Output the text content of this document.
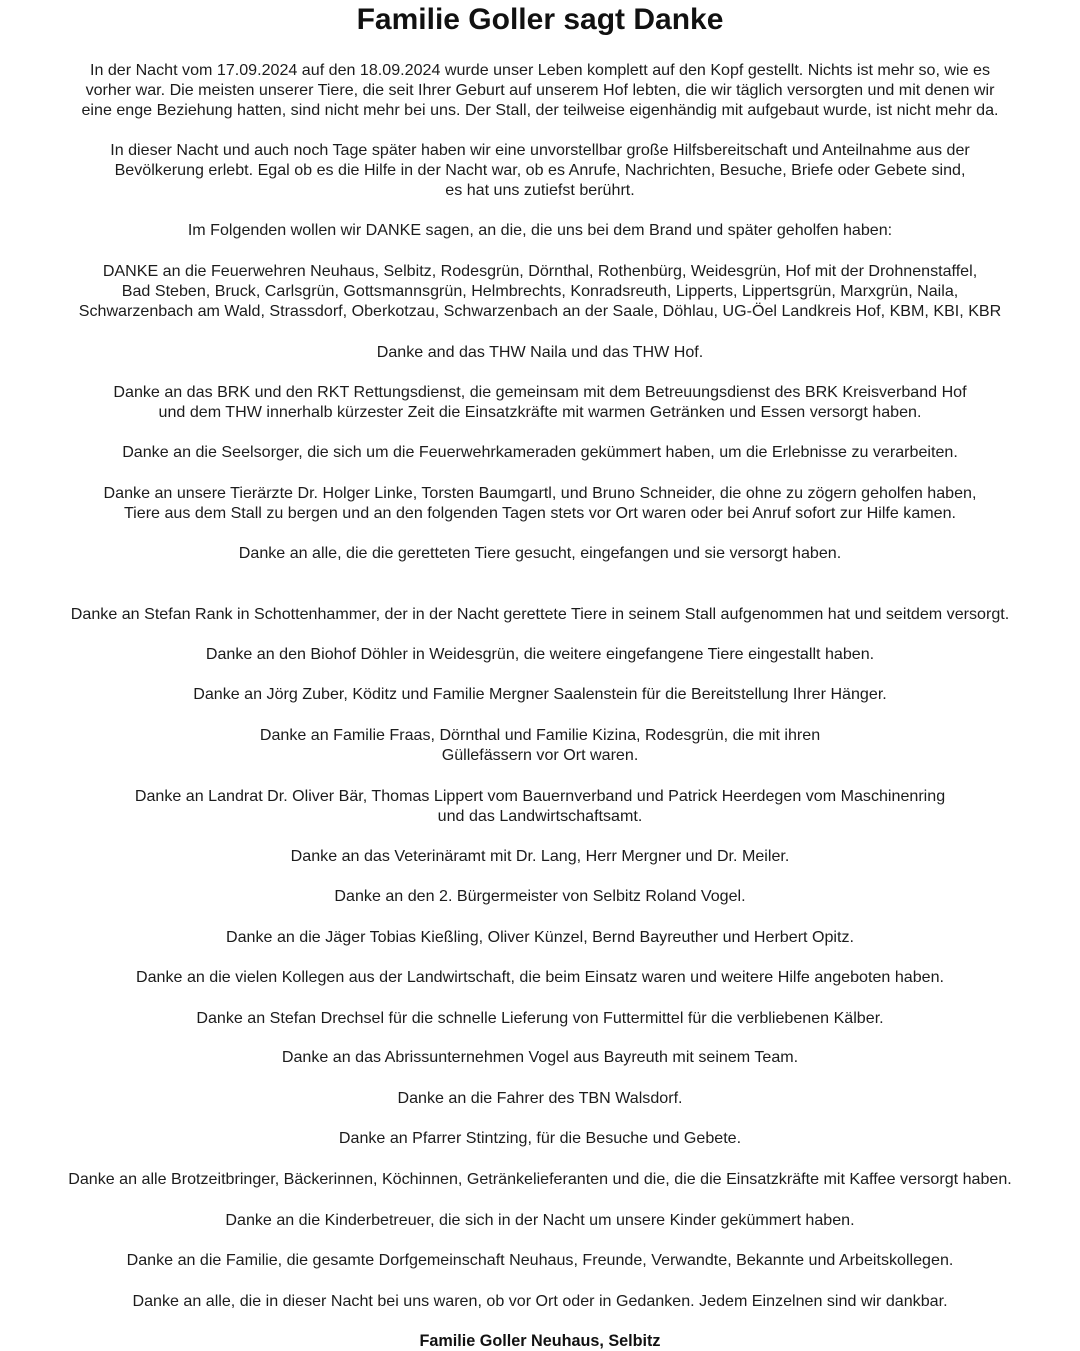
Familie Goller sagt Danke

In der Nacht vom 17.09.2024 auf den 18.09.2024 wurde unser Leben komplett auf den Kopf gestellt. Nichts ist mehr so, wie es
vorher war. Die meisten unserer Tiere, die seit Ihrer Geburt auf unserem Hof lebten, die wir täglich versorgten und mit denen wir
eine enge Beziehung hatten, sind nicht mehr bei uns. Der Stall, der teilweise eigenhändig mit aufgebaut wurde, ist nicht mehr da.

In dieser Nacht und auch noch Tage später haben wir eine unvorstellbar große Hilfsbereitschaft und Anteilnahme aus der
Bevölkerung erlebt. Egal ob es die Hilfe in der Nacht war, ob es Anrufe, Nachrichten, Besuche, Briefe oder Gebete sind,
es hat uns zutiefst berührt.

Im Folgenden wollen wir DANKE sagen, an die, die uns bei dem Brand und später geholfen haben:

DANKE an die Feuerwehren Neuhaus, Selbitz, Rodesgrün, Dörnthal, Rothenbürg, Weidesgrün, Hof mit der Drohnenstaffel,
Bad Steben, Bruck, Carlsgrün, Gottsmannsgrün, Helmbrechts, Konradsreuth, Lipperts, Lippertsgrün, Marxgrün, Naila,
Schwarzenbach am Wald, Strassdorf, Oberkotzau, Schwarzenbach an der Saale, Döhlau, UG-Öel Landkreis Hof, KBM, KBI, KBR

Danke and das THW Naila und das THW Hof.

Danke an das BRK und den RKT Rettungsdienst, die gemeinsam mit dem Betreuungsdienst des BRK Kreisverband Hof
und dem THW innerhalb kürzester Zeit die Einsatzkräfte mit warmen Getränken und Essen versorgt haben.

Danke an die Seelsorger, die sich um die Feuerwehrkameraden gekümmert haben, um die Erlebnisse zu verarbeiten.

Danke an unsere Tierärzte Dr. Holger Linke, Torsten Baumgartl, und Bruno Schneider, die ohne zu zögern geholfen haben,
Tiere aus dem Stall zu bergen und an den folgenden Tagen stets vor Ort waren oder bei Anruf sofort zur Hilfe kamen.

Danke an alle, die die geretteten Tiere gesucht, eingefangen und sie versorgt haben.

Danke an Stefan Rank in Schottenhammer, der in der Nacht gerettete Tiere in seinem Stall aufgenommen hat und seitdem versorgt.

Danke an den Biohof Döhler in Weidesgrün, die weitere eingefangene Tiere eingestallt haben.

Danke an Jörg Zuber, Köditz und Familie Mergner Saalenstein für die Bereitstellung Ihrer Hänger.

Danke an Familie Fraas, Dörnthal und Familie Kizina, Rodesgrün, die mit ihren
Güllefässern vor Ort waren.

Danke an Landrat Dr. Oliver Bär, Thomas Lippert vom Bauernverband und Patrick Heerdegen vom Maschinenring
und das Landwirtschaftsamt.

Danke an das Veterinäramt mit Dr. Lang, Herr Mergner und Dr. Meiler.

Danke an den 2. Bürgermeister von Selbitz Roland Vogel.

Danke an die Jäger Tobias Kießling, Oliver Künzel, Bernd Bayreuther und Herbert Opitz.

Danke an die vielen Kollegen aus der Landwirtschaft, die beim Einsatz waren und weitere Hilfe angeboten haben.

Danke an Stefan Drechsel für die schnelle Lieferung von Futtermittel für die verbliebenen Kälber.

Danke an das Abrissunternehmen Vogel aus Bayreuth mit seinem Team.

Danke an die Fahrer des TBN Walsdorf.

Danke an Pfarrer Stintzing, für die Besuche und Gebete.

Danke an alle Brotzeitbringer, Bäckerinnen, Köchinnen, Getränkelieferanten und die, die die Einsatzkräfte mit Kaffee versorgt haben.

Danke an die Kinderbetreuer, die sich in der Nacht um unsere Kinder gekümmert haben.

Danke an die Familie, die gesamte Dorfgemeinschaft Neuhaus, Freunde, Verwandte, Bekannte und Arbeitskollegen.

Danke an alle, die in dieser Nacht bei uns waren, ob vor Ort oder in Gedanken. Jedem Einzelnen sind wir dankbar.

Familie Goller Neuhaus, Selbitz
